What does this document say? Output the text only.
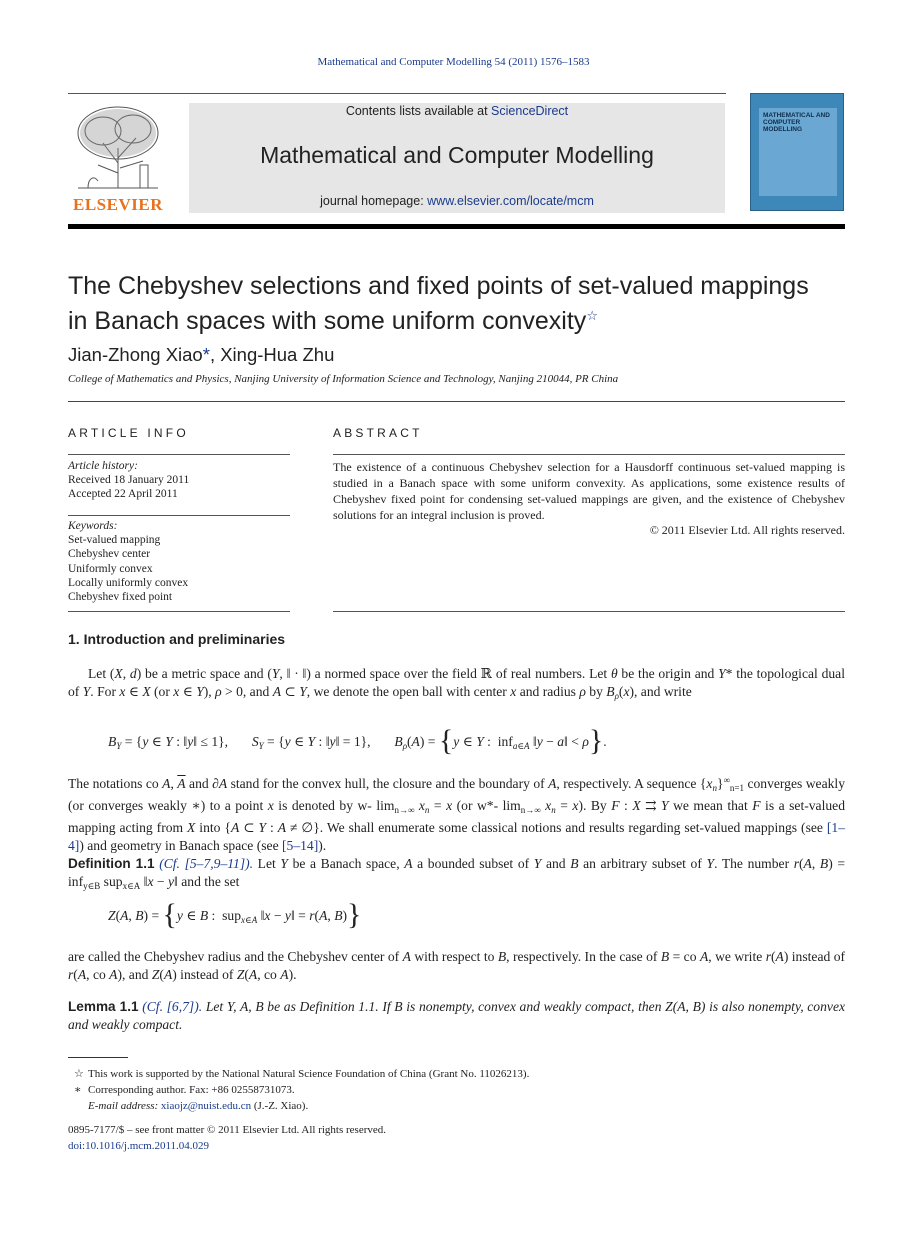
Mathematical and Computer Modelling 54 (2011) 1576–1583
ELSEVIER
Contents lists available at ScienceDirect
Mathematical and Computer Modelling
journal homepage: www.elsevier.com/locate/mcm
MATHEMATICAL AND COMPUTER MODELLING
The Chebyshev selections and fixed points of set-valued mappings in Banach spaces with some uniform convexity☆
Jian-Zhong Xiao*, Xing-Hua Zhu
College of Mathematics and Physics, Nanjing University of Information Science and Technology, Nanjing 210044, PR China
ARTICLE INFO	ABSTRACT
Article history:
Received 18 January 2011
Accepted 22 April 2011
Keywords:
Set-valued mapping
Chebyshev center
Uniformly convex
Locally uniformly convex
Chebyshev fixed point
The existence of a continuous Chebyshev selection for a Hausdorff continuous set-valued mapping is studied in a Banach space with some uniform convexity. As applications, some existence results of Chebyshev fixed point for condensing set-valued mappings are given, and the existence of Chebyshev solutions for an integral inclusion is proved.
© 2011 Elsevier Ltd. All rights reserved.
1. Introduction and preliminaries
Let (X, d) be a metric space and (Y, ‖ · ‖) a normed space over the field ℝ of real numbers. Let θ be the origin and Y* the topological dual of Y. For x ∈ X (or x ∈ Y), ρ > 0, and A ⊂ Y, we denote the open ball with center x and radius ρ by $B_\rho(x)$, and write
$B_Y = \{y$ ∈ Y : ‖y‖ ≤ 1},       $S_Y = \{y$ ∈ Y : ‖y‖ = 1},       $B_\rho(A) = \{y$ ∈ Y :  inf$_{a\in A}$ ‖y − a‖ < ρ}.
The notations co A, $\overline{A}$ and ∂A stand for the convex hull, the closure and the boundary of A, respectively. A sequence $\{x_n\}^\infty_{n=1}$ converges weakly (or converges weakly ∗) to a point x is denoted by w- $\lim_{n\to\infty} x_n = x$ (or w*- $\lim_{n\to\infty} x_n = x$). By F : X ⇉ Y we mean that F is a set-valued mapping acting from X into {A ⊂ Y : A ≠ ∅}. We shall enumerate some classical notions and results regarding set-valued mappings (see [1–4]) and geometry in Banach space (see [5–14]).
Definition 1.1 (Cf. [5–7,9–11]). Let Y be a Banach space, A a bounded subset of Y and B an arbitrary subset of Y. The number r(A, B) = inf$_{y\in B}$ sup$_{x\in A}$ ‖x − y‖ and the set
Z(A, B) = {y ∈ B :  sup$_{x\in A}$ ‖x − y‖ = r(A, B)}
are called the Chebyshev radius and the Chebyshev center of A with respect to B, respectively. In the case of B = co A, we write r(A) instead of r(A, co A), and Z(A) instead of Z(A, co A).
Lemma 1.1 (Cf. [6,7]). Let Y, A, B be as Definition 1.1. If B is nonempty, convex and weakly compact, then Z(A, B) is also nonempty, convex and weakly compact.
☆ This work is supported by the National Natural Science Foundation of China (Grant No. 11026213).
∗ Corresponding author. Fax: +86 02558731073.
E-mail address: xiaojz@nuist.edu.cn (J.-Z. Xiao).
0895-7177/$ – see front matter © 2011 Elsevier Ltd. All rights reserved.
doi:10.1016/j.mcm.2011.04.029
